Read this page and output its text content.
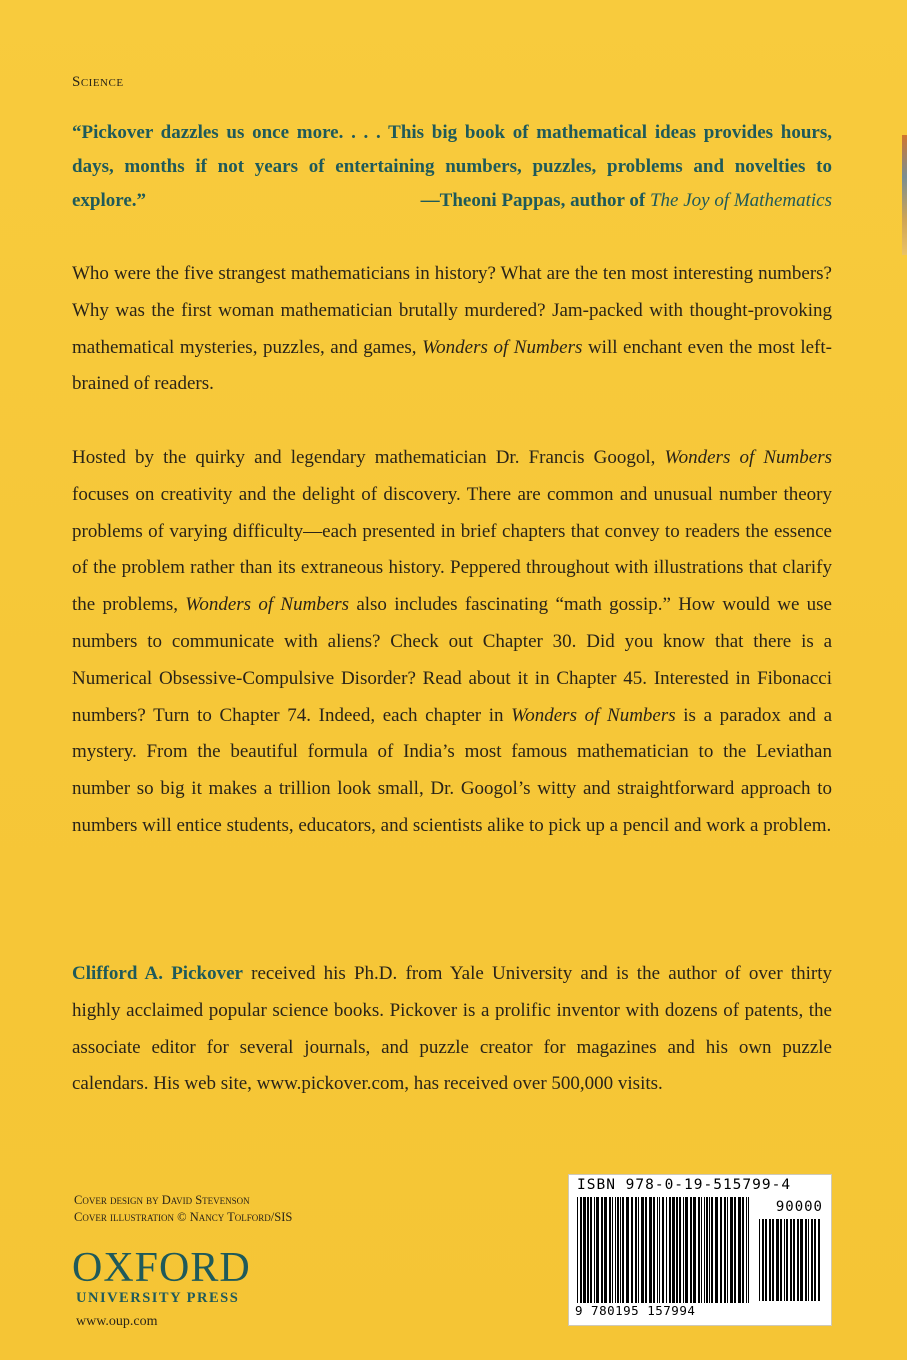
Science
“Pickover dazzles us once more. . . . This big book of mathematical ideas provides hours, days, months if not years of entertaining numbers, puzzles, problems and novelties to explore.”	—Theoni Pappas, author of The Joy of Mathematics
Who were the five strangest mathematicians in history? What are the ten most interesting numbers? Why was the first woman mathematician brutally murdered? Jam-packed with thought-provoking mathematical mysteries, puzzles, and games, Wonders of Numbers will enchant even the most left-brained of readers.
Hosted by the quirky and legendary mathematician Dr. Francis Googol, Wonders of Numbers focuses on creativity and the delight of discovery. There are common and unusual number theory problems of varying difficulty—each presented in brief chapters that convey to readers the essence of the problem rather than its extraneous history. Peppered throughout with illustrations that clarify the problems, Wonders of Numbers also includes fascinating “math gossip.” How would we use numbers to communicate with aliens? Check out Chapter 30. Did you know that there is a Numerical Obsessive-Compulsive Disorder? Read about it in Chapter 45. Interested in Fibonacci numbers? Turn to Chapter 74. Indeed, each chapter in Wonders of Numbers is a paradox and a mystery. From the beautiful formula of India’s most famous mathematician to the Leviathan number so big it makes a trillion look small, Dr. Googol’s witty and straightforward approach to numbers will entice students, educators, and scientists alike to pick up a pencil and work a problem.
Clifford A. Pickover received his Ph.D. from Yale University and is the author of over thirty highly acclaimed popular science books. Pickover is a prolific inventor with dozens of patents, the associate editor for several journals, and puzzle creator for magazines and his own puzzle calendars. His web site, www.pickover.com, has received over 500,000 visits.
Cover design by David Stevenson
Cover illustration © Nancy Tolford/SIS
OXFORD
UNIVERSITY PRESS
www.oup.com
ISBN 978-0-19-515799-4
90000
9 780195 157994
